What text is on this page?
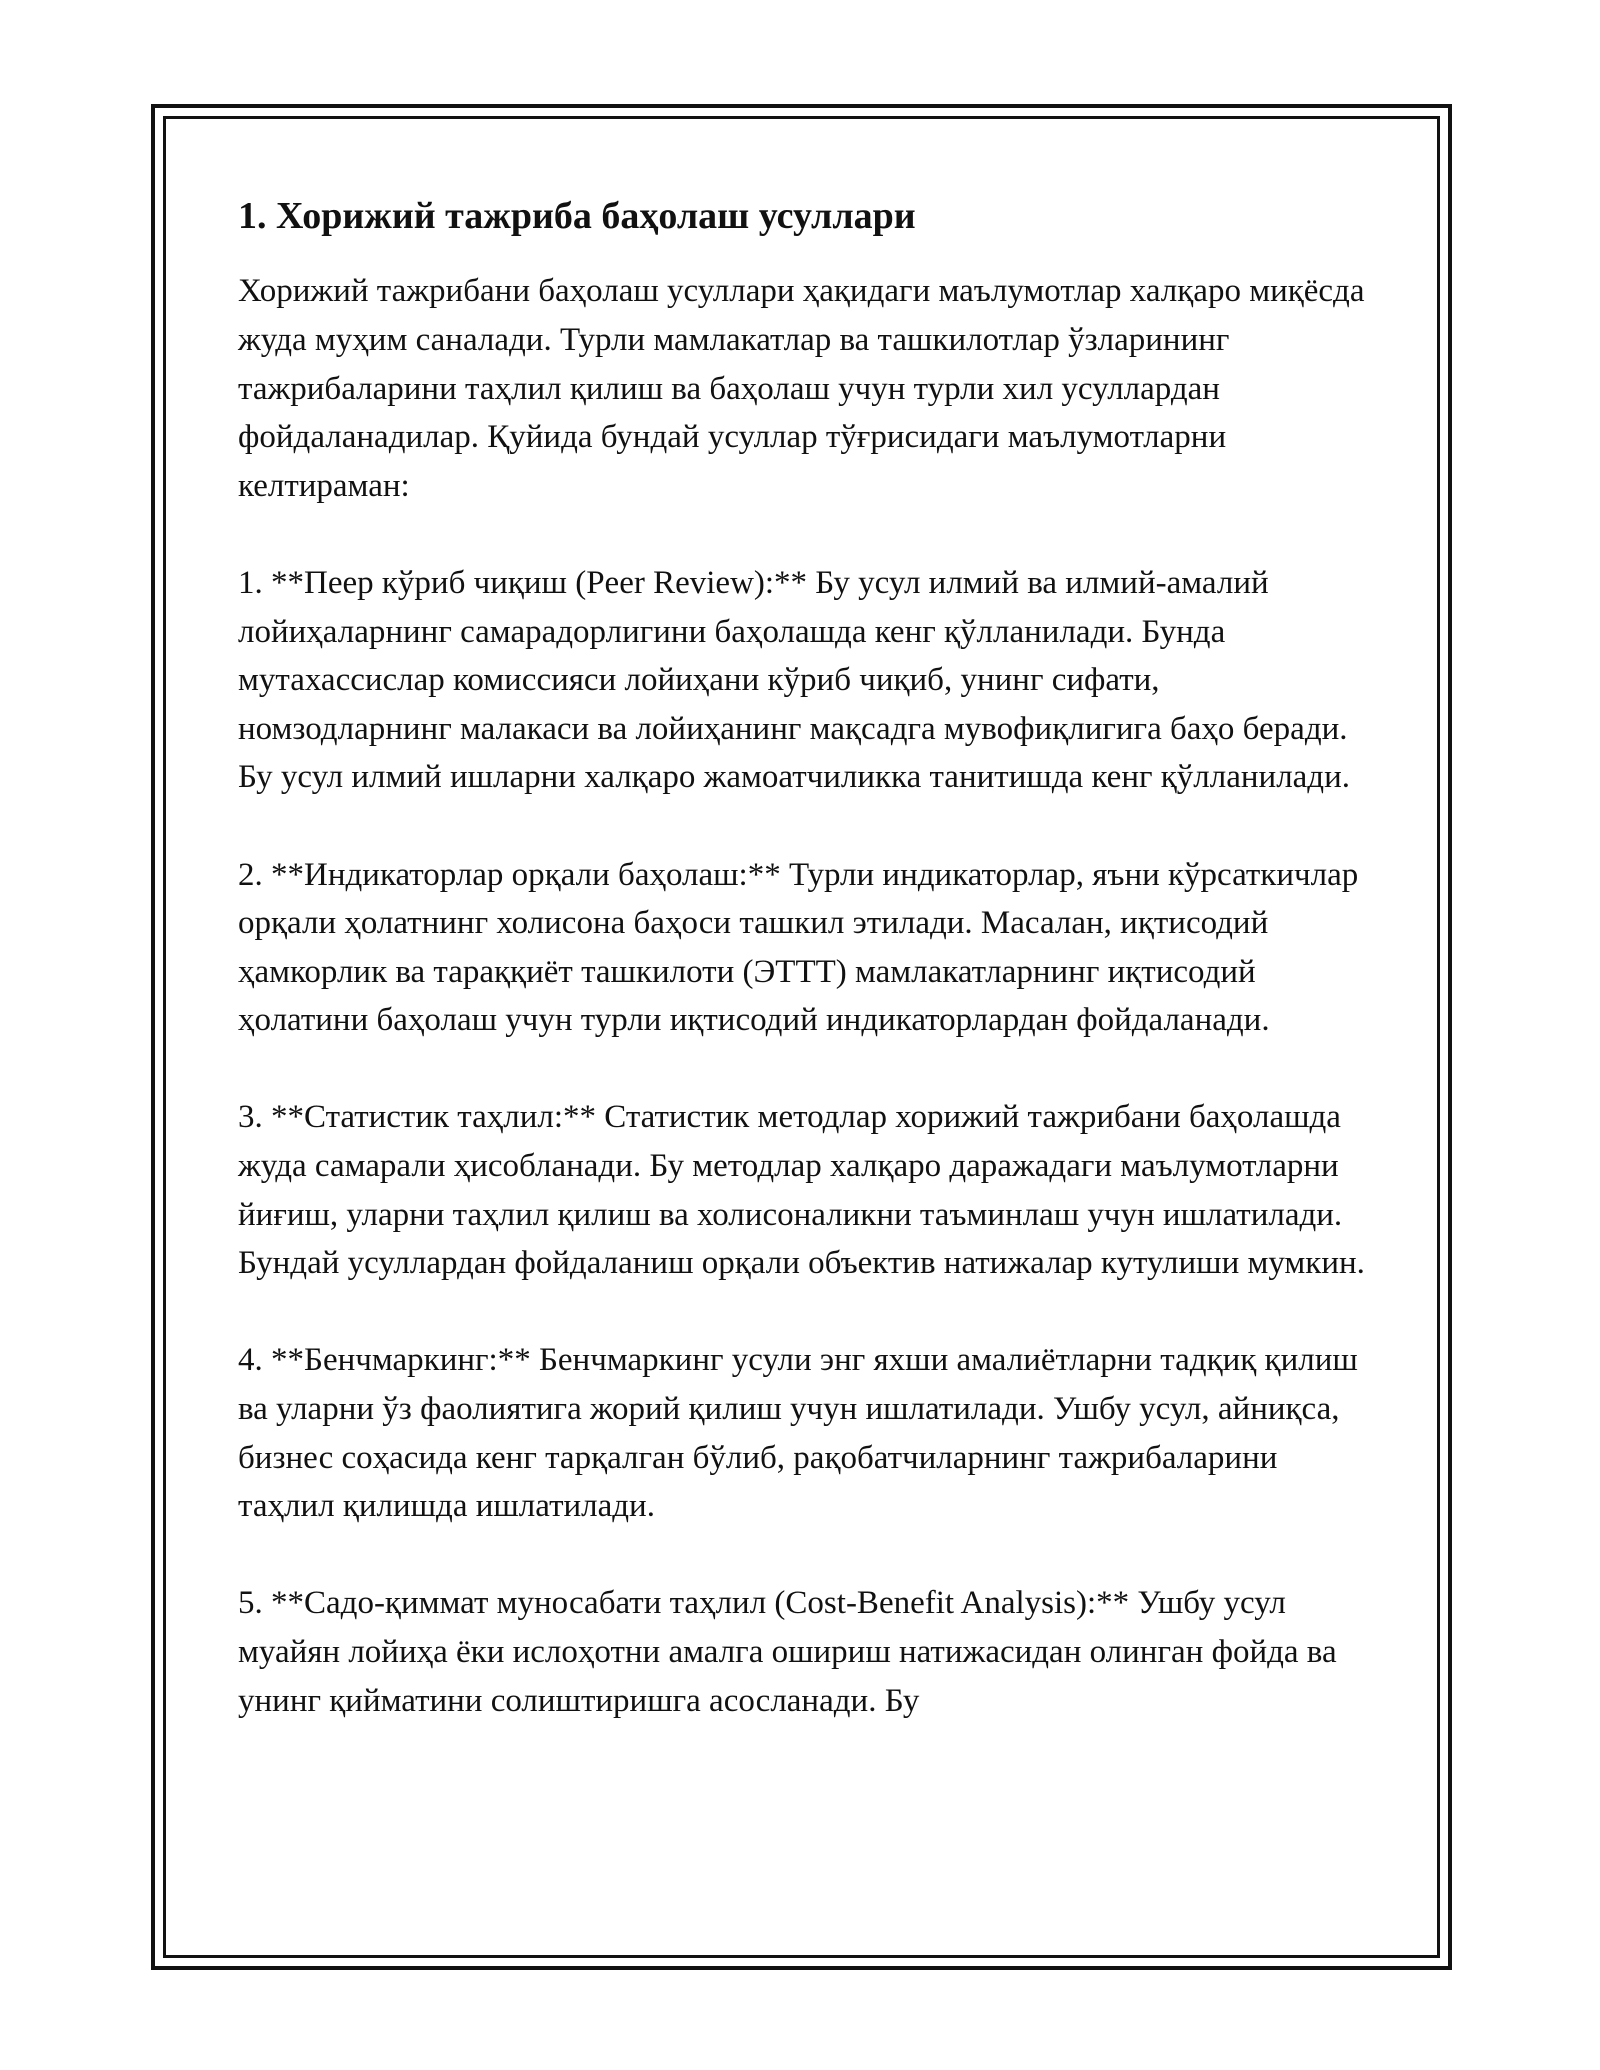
1. Хорижий тажриба баҳолаш усуллари

Хорижий тажрибани баҳолаш усуллари ҳақидаги маълумотлар халқаро миқёсда жуда муҳим саналади. Турли мамлакатлар ва ташкилотлар ўзларининг тажрибаларини таҳлил қилиш ва баҳолаш учун турли хил усуллардан фойдаланадилар. Қуйида бундай усуллар тўғрисидаги маълумотларни келтираман:

1. **Пеер кўриб чиқиш (Peer Review):** Бу усул илмий ва илмий-амалий лойиҳаларнинг самарадорлигини баҳолашда кенг қўлланилади. Бунда мутахассислар комиссияси лойиҳани кўриб чиқиб, унинг сифати, номзодларнинг малакаси ва лойиҳанинг мақсадга мувофиқлигига баҳо беради. Бу усул илмий ишларни халқаро жамоатчиликка танитишда кенг қўлланилади.

2. **Индикаторлар орқали баҳолаш:** Турли индикаторлар, яъни кўрсаткичлар орқали ҳолатнинг холисона баҳоси ташкил этилади. Масалан, иқтисодий ҳамкорлик ва тараққиёт ташкилоти (ЭТТТ) мамлакатларнинг иқтисодий ҳолатини баҳолаш учун турли иқтисодий индикаторлардан фойдаланади.

3. **Статистик таҳлил:** Статистик методлар хорижий тажрибани баҳолашда жуда самарали ҳисобланади. Бу методлар халқаро даражадаги маълумотларни йиғиш, уларни таҳлил қилиш ва холисоналикни таъминлаш учун ишлатилади. Бундай усуллардан фойдаланиш орқали объектив натижалар кутулиши мумкин.

4. **Бенчмаркинг:** Бенчмаркинг усули энг яхши амалиётларни тадқиқ қилиш ва уларни ўз фаолиятига жорий қилиш учун ишлатилади. Ушбу усул, айниқса, бизнес соҳасида кенг тарқалган бўлиб, рақобатчиларнинг тажрибаларини таҳлил қилишда ишлатилади.

5. **Садо-қиммат муносабати таҳлил (Cost-Benefit Analysis):** Ушбу усул муайян лойиҳа ёки ислоҳотни амалга ошириш натижасидан олинган фойда ва унинг қийматини солиштиришга асосланади. Бу
